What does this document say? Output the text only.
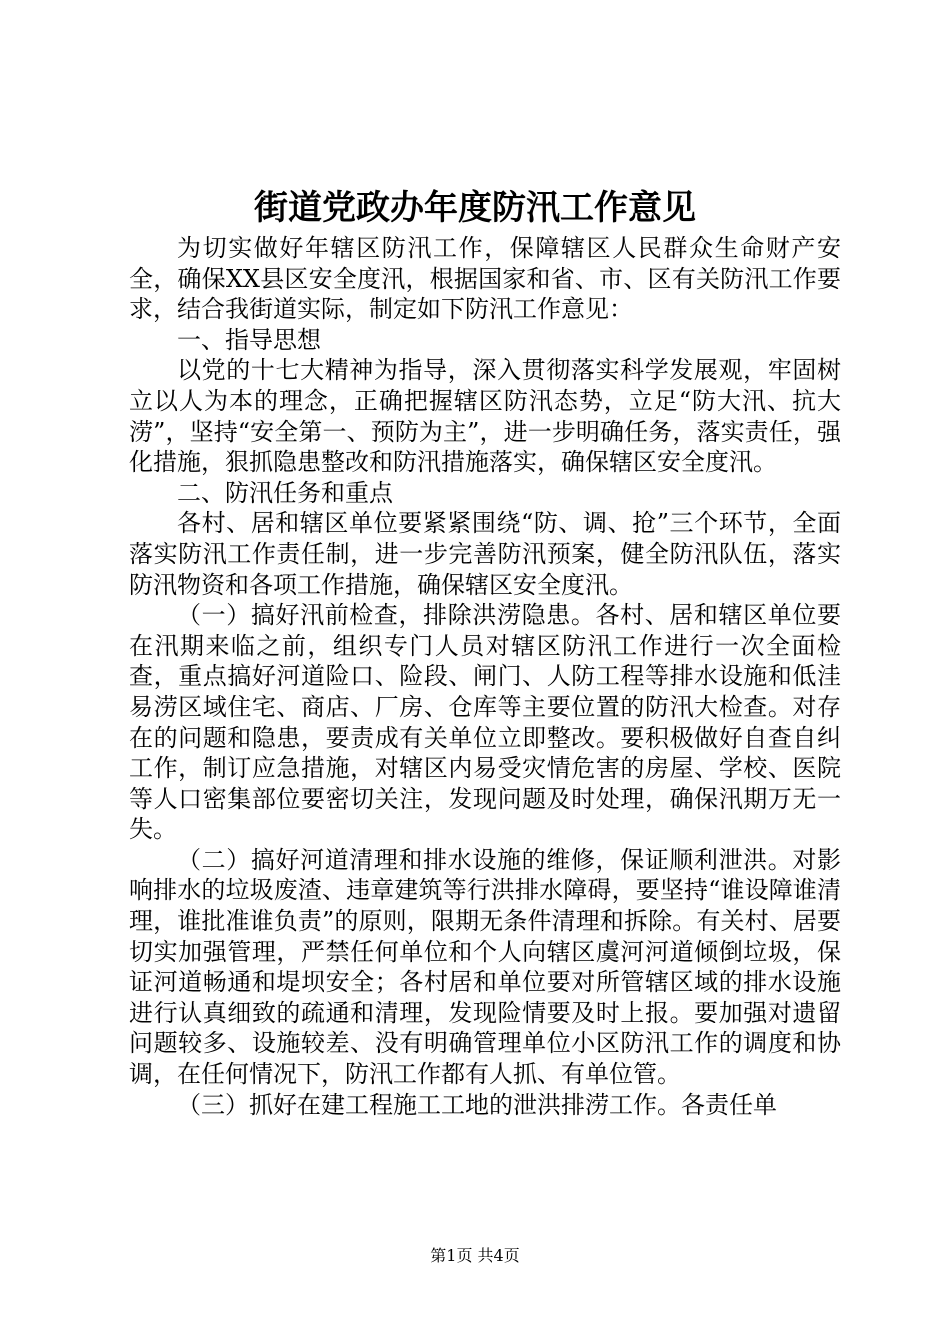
街道党政办年度防汛工作意见

为切实做好年辖区防汛工作，保障辖区人民群众生命财产安全，确保XX县区安全度汛，根据国家和省、市、区有关防汛工作要求，结合我街道实际，制定如下防汛工作意见：

一、指导思想

以党的十七大精神为指导，深入贯彻落实科学发展观，牢固树立以人为本的理念，正确把握辖区防汛态势，立足“防大汛、抗大涝”，坚持“安全第一、预防为主”，进一步明确任务，落实责任，强化措施，狠抓隐患整改和防汛措施落实，确保辖区安全度汛。

二、防汛任务和重点

各村、居和辖区单位要紧紧围绕“防、调、抢”三个环节，全面落实防汛工作责任制，进一步完善防汛预案，健全防汛队伍，落实防汛物资和各项工作措施，确保辖区安全度汛。

（一）搞好汛前检查，排除洪涝隐患。各村、居和辖区单位要在汛期来临之前，组织专门人员对辖区防汛工作进行一次全面检查，重点搞好河道险口、险段、闸门、人防工程等排水设施和低洼易涝区域住宅、商店、厂房、仓库等主要位置的防汛大检查。对存在的问题和隐患，要责成有关单位立即整改。要积极做好自查自纠工作，制订应急措施，对辖区内易受灾情危害的房屋、学校、医院等人口密集部位要密切关注，发现问题及时处理，确保汛期万无一失。

（二）搞好河道清理和排水设施的维修，保证顺利泄洪。对影响排水的垃圾废渣、违章建筑等行洪排水障碍，要坚持“谁设障谁清理，谁批准谁负责”的原则，限期无条件清理和拆除。有关村、居要切实加强管理，严禁任何单位和个人向辖区虞河河道倾倒垃圾，保证河道畅通和堤坝安全；各村居和单位要对所管辖区域的排水设施进行认真细致的疏通和清理，发现险情要及时上报。要加强对遗留问题较多、设施较差、没有明确管理单位小区防汛工作的调度和协调，在任何情况下，防汛工作都有人抓、有单位管。

（三）抓好在建工程施工工地的泄洪排涝工作。各责任单

第1页 共4页
